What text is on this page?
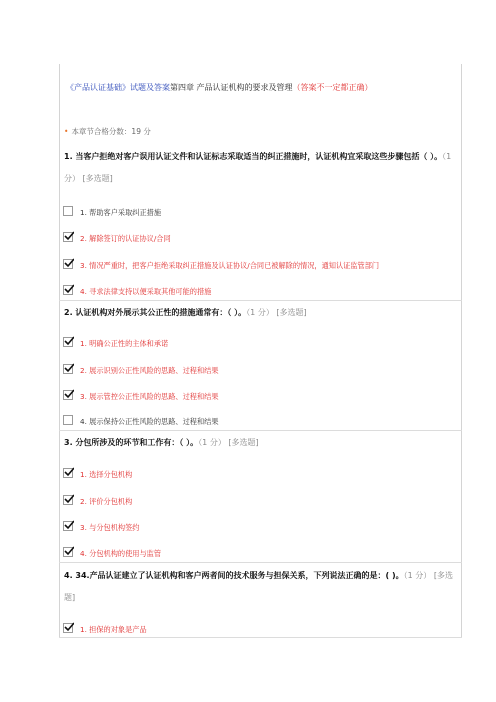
《产品认证基础》试题及答案第四章 产品认证机构的要求及管理（答案不一定都正确）
• 本章节合格分数：19 分
1. 当客户拒绝对客户误用认证文件和认证标志采取适当的纠正措施时，认证机构宜采取这些步骤包括（ ）。（1 分） [多选题]
1. 帮助客户采取纠正措施
2. 解除签订的认证协议/合同
3. 情况严重时，把客户拒绝采取纠正措施及认证协议/合同已被解除的情况，通知认证监管部门
4. 寻求法律支持以便采取其他可能的措施
2. 认证机构对外展示其公正性的措施通常有：（ ）。（1 分） [多选题]
1. 明确公正性的主体和承诺
2. 展示识别公正性风险的思路、过程和结果
3. 展示管控公正性风险的思路、过程和结果
4. 展示保持公正性风险的思路、过程和结果
3. 分包所涉及的环节和工作有：（ ）。（1 分） [多选题]
1. 选择分包机构
2. 评价分包机构
3. 与分包机构签约
4. 分包机构的使用与监管
4. 34.产品认证建立了认证机构和客户两者间的技术服务与担保关系，下列说法正确的是：( )。（1 分） [多选题]
1. 担保的对象是产品
